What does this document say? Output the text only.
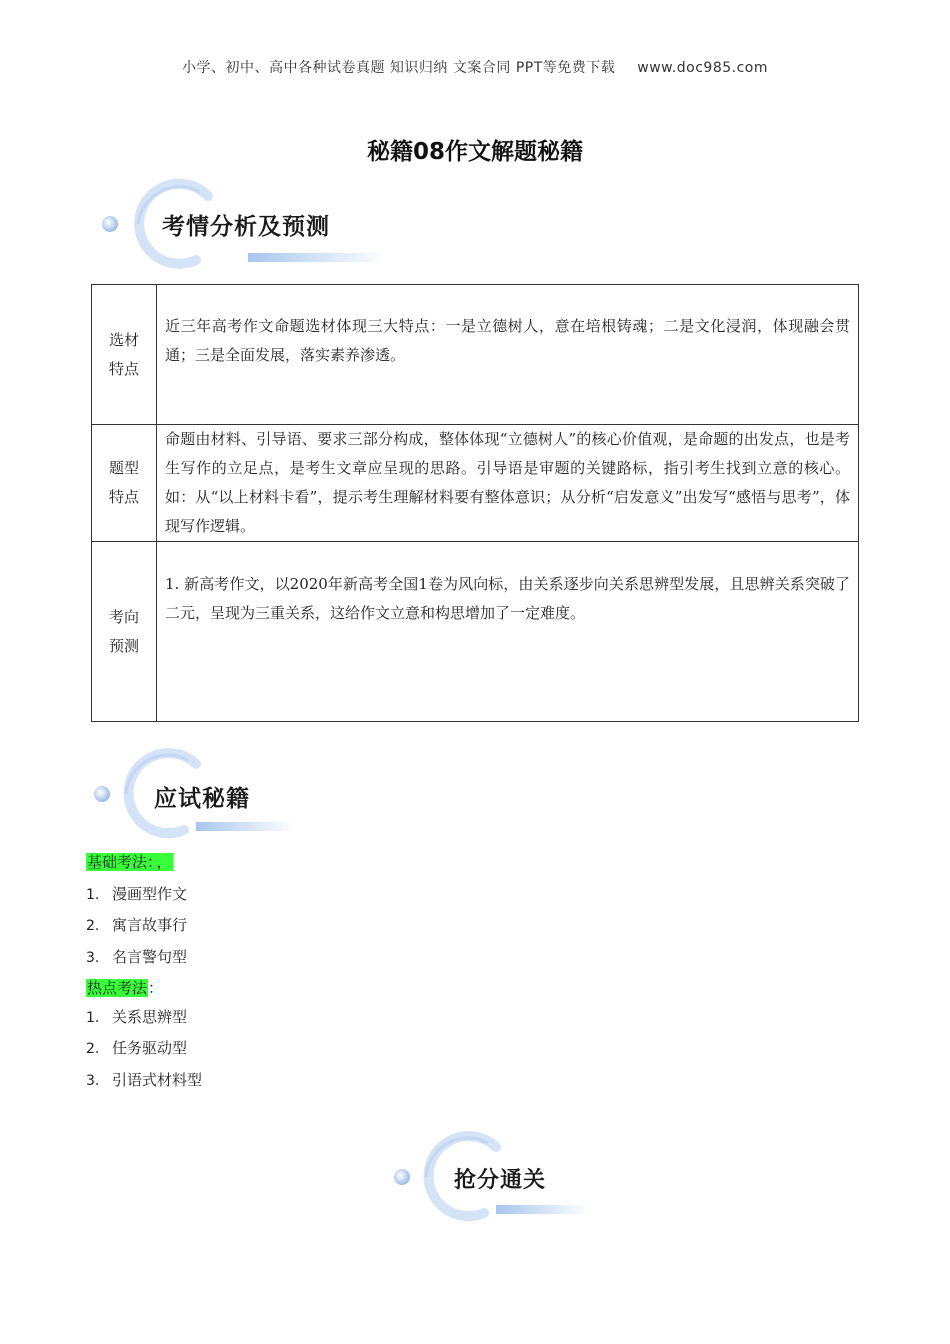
小学、初中、高中各种试卷真题 知识归纳 文案合同 PPT等免费下载 www.doc985.com
秘籍08作文解题秘籍
考情分析及预测
选材
特点	近三年高考作文命题选材体现三大特点：一是立德树人，意在培根铸魂；二是文化浸润，体现融会贯通；三是全面发展，落实素养渗透。

题型
特点	命题由材料、引导语、要求三部分构成，整体体现“立德树人”的核心价值观，是命题的出发点，也是考生写作的立足点，是考生文章应呈现的思路。引导语是审题的关键路标，指引考生找到立意的核心。如：从“以上材料卡看”，提示考生理解材料要有整体意识；从分析“启发意义”出发写“感悟与思考”，体现写作逻辑。

考向
预测	1. 新高考作文，以2020年新高考全国1卷为风向标，由关系逐步向关系思辨型发展，且思辨关系突破了二元，呈现为三重关系，这给作文立意和构思增加了一定难度。
应试秘籍
基础考法： ，
1. 漫画型作文
2. 寓言故事行
3. 名言警句型
热点考法：
1. 关系思辨型
2. 任务驱动型
3. 引语式材料型
抢分通关
